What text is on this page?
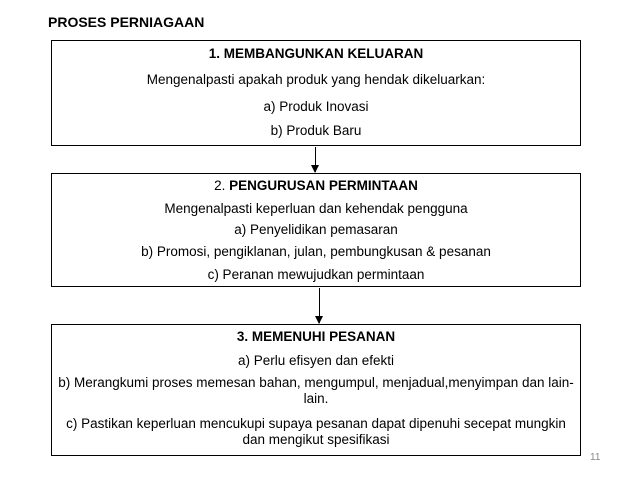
PROSES PERNIAGAAN
1. MEMBANGUNKAN KELUARAN
Mengenalpasti apakah produk yang hendak dikeluarkan:
a) Produk Inovasi
b) Produk Baru
2. PENGURUSAN PERMINTAAN
Mengenalpasti keperluan dan kehendak pengguna
a) Penyelidikan pemasaran
b) Promosi, pengiklanan, julan, pembungkusan & pesanan
c) Peranan mewujudkan permintaan
3. MEMENUHI PESANAN
a) Perlu efisyen dan efekti
b) Merangkumi proses memesan bahan, mengumpul, menjadual,menyimpan dan lain-lain.
c) Pastikan keperluan mencukupi supaya pesanan dapat dipenuhi secepat mungkin dan mengikut spesifikasi
11
